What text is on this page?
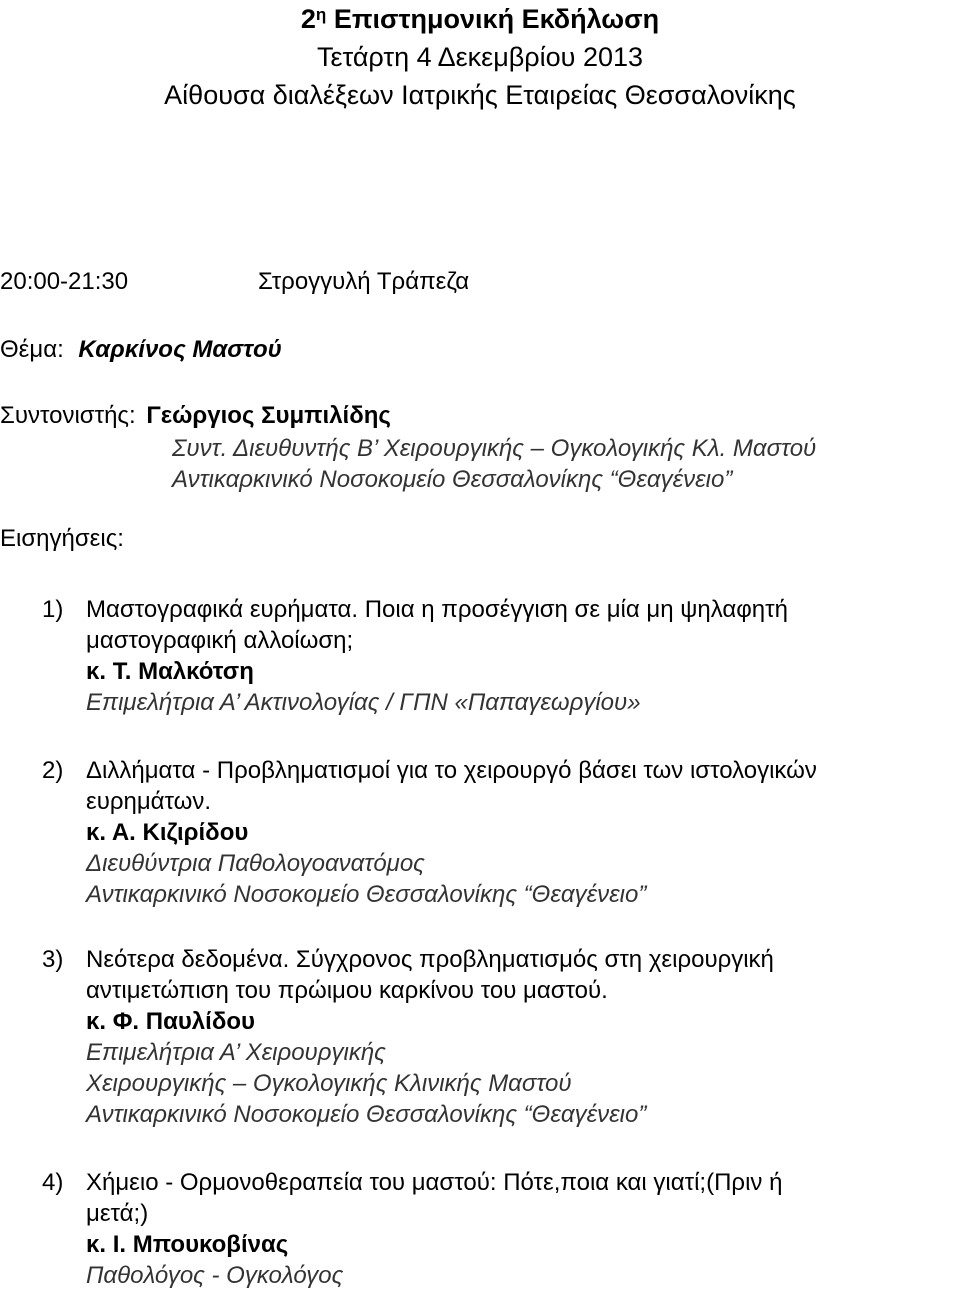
$2^\eta$ Επιστημονική Εκδήλωση
Τετάρτη 4 Δεκεμβρίου 2013
Αίθουσα διαλέξεων Ιατρικής Εταιρείας Θεσσαλονίκης
20:00-21:30	Στρογγυλή Τράπεζα
Θέμα: Καρκίνος Μαστού
Συντονιστής: Γεώργιος Συμπιλίδης
Συντ. Διευθυντής Β’ Χειρουργικής – Ογκολογικής Κλ. Μαστού
Αντικαρκινικό Νοσοκομείο Θεσσαλονίκης “Θεαγένειο”
Εισηγήσεις:
1) Μαστογραφικά ευρήματα. Ποια η προσέγγιση σε μία μη ψηλαφητή
μαστογραφική αλλοίωση;
κ. Τ. Μαλκότση
Επιμελήτρια Α’ Ακτινολογίας / ΓΠΝ «Παπαγεωργίου»
2) Διλλήματα - Προβληματισμοί για το χειρουργό βάσει των ιστολογικών
ευρημάτων.
κ. Α. Κιζιρίδου
Διευθύντρια Παθολογοανατόμος
Αντικαρκινικό Νοσοκομείο Θεσσαλονίκης “Θεαγένειο”
3) Νεότερα δεδομένα. Σύγχρονος προβληματισμός στη χειρουργική
αντιμετώπιση του πρώιμου καρκίνου του μαστού.
κ. Φ. Παυλίδου
Επιμελήτρια Α’ Χειρουργικής
Χειρουργικής – Ογκολογικής Κλινικής Μαστού
Αντικαρκινικό Νοσοκομείο Θεσσαλονίκης “Θεαγένειο”
4) Χήμειο - Ορμονοθεραπεία του μαστού: Πότε,ποια και γιατί;(Πριν ή
μετά;)
κ. Ι. Μπουκοβίνας
Παθολόγος - Ογκολόγος
